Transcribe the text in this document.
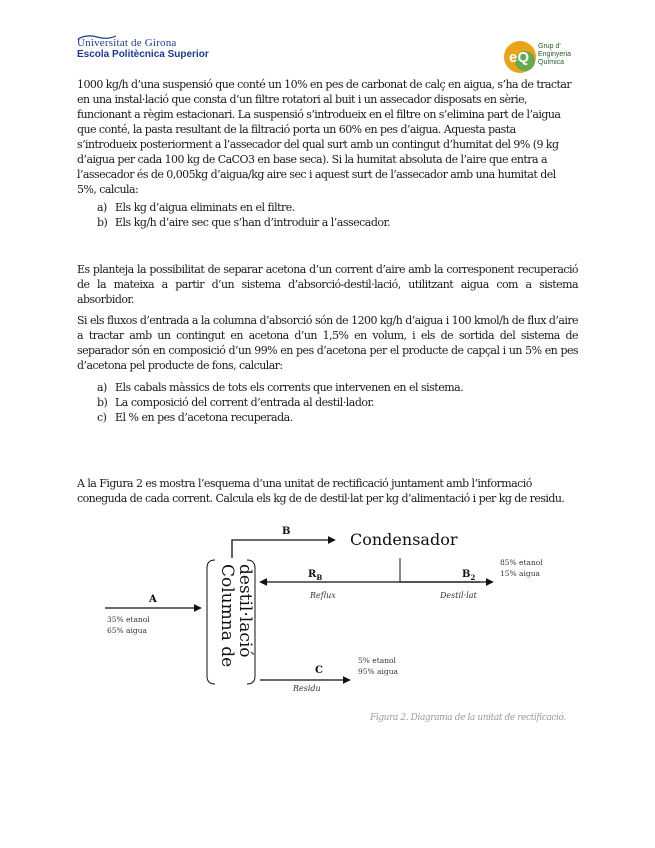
Universitat de Girona
Escola Politècnica Superior	eQ
Grup d'
Enginyeria
Química
1000 kg/h d’una suspensió que conté un 10% en pes de carbonat de calç en aigua, s’ha de tractar
en una instal·lació que consta d’un filtre rotatori al buit i un assecador disposats en sèrie,
funcionant a règim estacionari. La suspensió s’introdueix en el filtre on s’elimina part de l’aigua
que conté, la pasta resultant de la filtració porta un 60% en pes d’aigua. Aquesta pasta
s’introdueix posteriorment a l’assecador del qual surt amb un contingut d’humitat del 9% (9 kg
d’aigua per cada 100 kg de CaCO3 en base seca). Si la humitat absoluta de l’aire que entra a
l’assecador és de 0,005kg d’aigua/kg aire sec i aquest surt de l’assecador amb una humitat del
5%, calcula:
a) Els kg d’aigua eliminats en el filtre.
b) Els kg/h d’aire sec que s’han d’introduir a l’assecador.

Es planteja la possibilitat de separar acetona d’un corrent d’aire amb la corresponent recuperació de la mateixa a partir d’un sistema d’absorció-destil·lació, utilitzant aigua com a sistema absorbidor.

Si els fluxos d’entrada a la columna d’absorció són de 1200 kg/h d’aigua i 100 kmol/h de flux d’aire a tractar amb un contingut en acetona d’un 1,5% en volum, i els de sortida del sistema de separador són en composició d’un 99% en pes d’acetona per el producte de capçal i un 5% en pes d’acetona pel producte de fons, calcular:

a) Els cabals màssics de tots els corrents que intervenen en el sistema.
b) La composició del corrent d’entrada al destil·lador.
c) El % en pes d’acetona recuperada.
A la Figura 2 es mostra l’esquema d’una unitat de rectificació juntament amb l’informació
coneguda de cada corrent. Calcula els kg de de destil·lat per kg d’alimentació i per kg de residu.
Columna de
destil·lació
B	Condensador
$R_B$
Reflux
$B_2$
Destil·lat
85% etanol
15% aigua
A
35% etanol
65% aigua
C
Residu
5% etanol
95% aigua
Figura 2. Diagrama de la unitat de rectificació.
